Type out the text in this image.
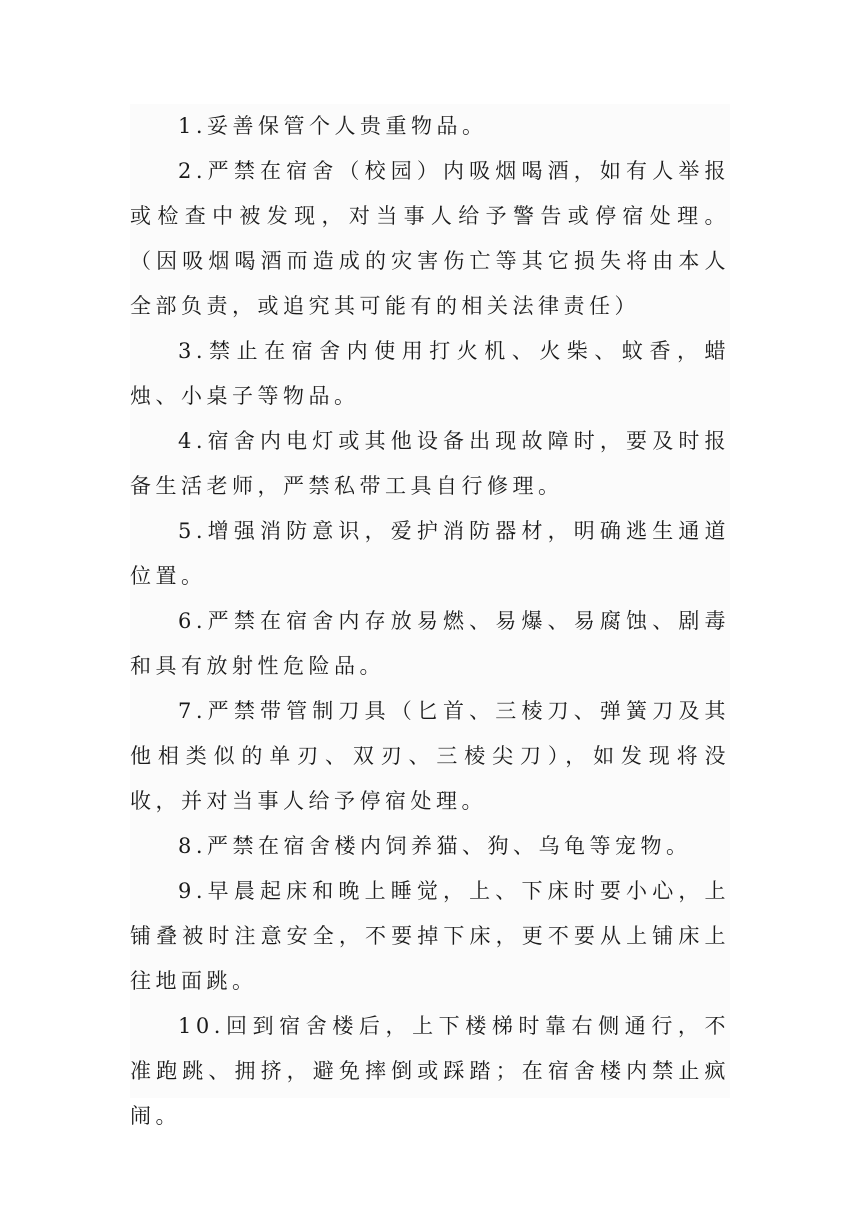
1.妥善保管个人贵重物品。

2.严禁在宿舍（校园）内吸烟喝酒，如有人举报或检查中被发现，对当事人给予警告或停宿处理。（因吸烟喝酒而造成的灾害伤亡等其它损失将由本人全部负责，或追究其可能有的相关法律责任）

3.禁止在宿舍内使用打火机、火柴、蚊香，蜡烛、小桌子等物品。

4.宿舍内电灯或其他设备出现故障时，要及时报备生活老师，严禁私带工具自行修理。

5.增强消防意识，爱护消防器材，明确逃生通道位置。

6.严禁在宿舍内存放易燃、易爆、易腐蚀、剧毒和具有放射性危险品。

7.严禁带管制刀具（匕首、三棱刀、弹簧刀及其他相类似的单刃、双刃、三棱尖刀），如发现将没收，并对当事人给予停宿处理。

8.严禁在宿舍楼内饲养猫、狗、乌龟等宠物。

9.早晨起床和晚上睡觉，上、下床时要小心，上铺叠被时注意安全，不要掉下床，更不要从上铺床上往地面跳。

10.回到宿舍楼后，上下楼梯时靠右侧通行，不准跑跳、拥挤，避免摔倒或踩踏；在宿舍楼内禁止疯闹。
